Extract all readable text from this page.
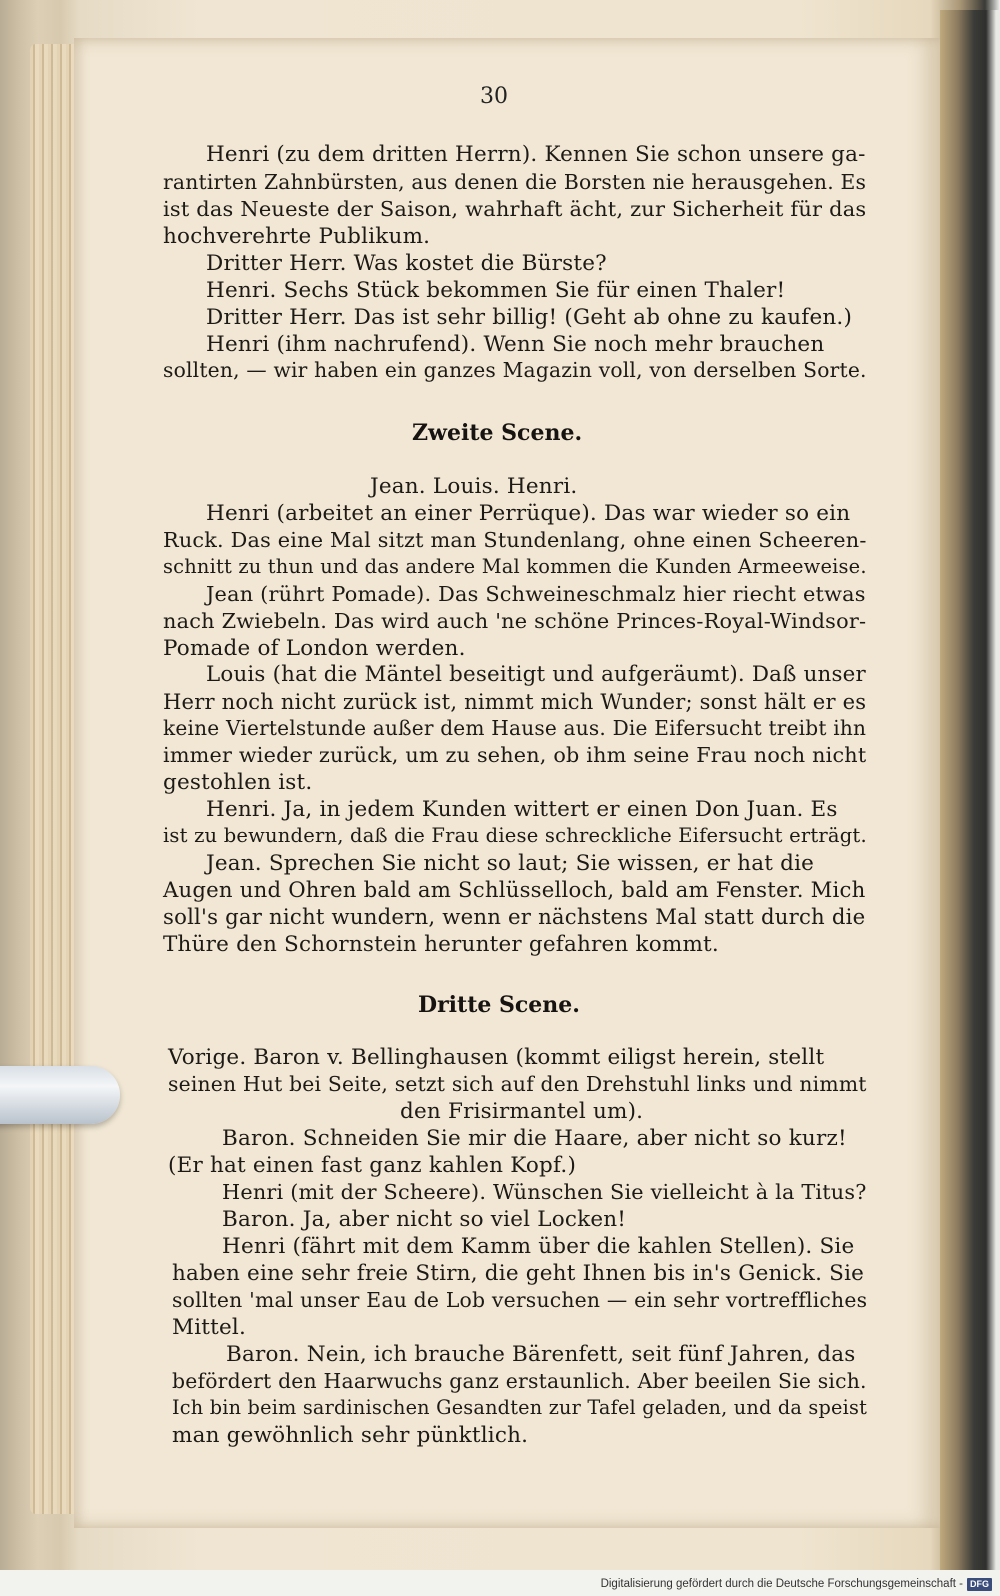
30
Henri (zu dem dritten Herrn). Kennen Sie schon unsere ga-
rantirten Zahnbürsten, aus denen die Borsten nie herausgehen. Es
ist das Neueste der Saison, wahrhaft ächt, zur Sicherheit für das
hochverehrte Publikum.
Dritter Herr. Was kostet die Bürste?
Henri. Sechs Stück bekommen Sie für einen Thaler!
Dritter Herr. Das ist sehr billig! (Geht ab ohne zu kaufen.)
Henri (ihm nachrufend). Wenn Sie noch mehr brauchen
sollten, — wir haben ein ganzes Magazin voll, von derselben Sorte.
Zweite Scene.
Jean. Louis. Henri.
Henri (arbeitet an einer Perrüque). Das war wieder so ein
Ruck. Das eine Mal sitzt man Stundenlang, ohne einen Scheeren-
schnitt zu thun und das andere Mal kommen die Kunden Armeeweise.
Jean (rührt Pomade). Das Schweineschmalz hier riecht etwas
nach Zwiebeln. Das wird auch 'ne schöne Princes-Royal-Windsor-
Pomade of London werden.
Louis (hat die Mäntel beseitigt und aufgeräumt). Daß unser
Herr noch nicht zurück ist, nimmt mich Wunder; sonst hält er es
keine Viertelstunde außer dem Hause aus. Die Eifersucht treibt ihn
immer wieder zurück, um zu sehen, ob ihm seine Frau noch nicht
gestohlen ist.
Henri. Ja, in jedem Kunden wittert er einen Don Juan. Es
ist zu bewundern, daß die Frau diese schreckliche Eifersucht erträgt.
Jean. Sprechen Sie nicht so laut; Sie wissen, er hat die
Augen und Ohren bald am Schlüsselloch, bald am Fenster. Mich
soll's gar nicht wundern, wenn er nächstens Mal statt durch die
Thüre den Schornstein herunter gefahren kommt.
Dritte Scene.
Vorige. Baron v. Bellinghausen (kommt eiligst herein, stellt
seinen Hut bei Seite, setzt sich auf den Drehstuhl links und nimmt
den Frisirmantel um).
Baron. Schneiden Sie mir die Haare, aber nicht so kurz!
(Er hat einen fast ganz kahlen Kopf.)
Henri (mit der Scheere). Wünschen Sie vielleicht à la Titus?
Baron. Ja, aber nicht so viel Locken!
Henri (fährt mit dem Kamm über die kahlen Stellen). Sie
haben eine sehr freie Stirn, die geht Ihnen bis in's Genick. Sie
sollten 'mal unser Eau de Lob versuchen — ein sehr vortreffliches
Mittel.
Baron. Nein, ich brauche Bärenfett, seit fünf Jahren, das
befördert den Haarwuchs ganz erstaunlich. Aber beeilen Sie sich.
Ich bin beim sardinischen Gesandten zur Tafel geladen, und da speist
man gewöhnlich sehr pünktlich.
Digitalisierung gefördert durch die Deutsche Forschungsgemeinschaft - DFG
